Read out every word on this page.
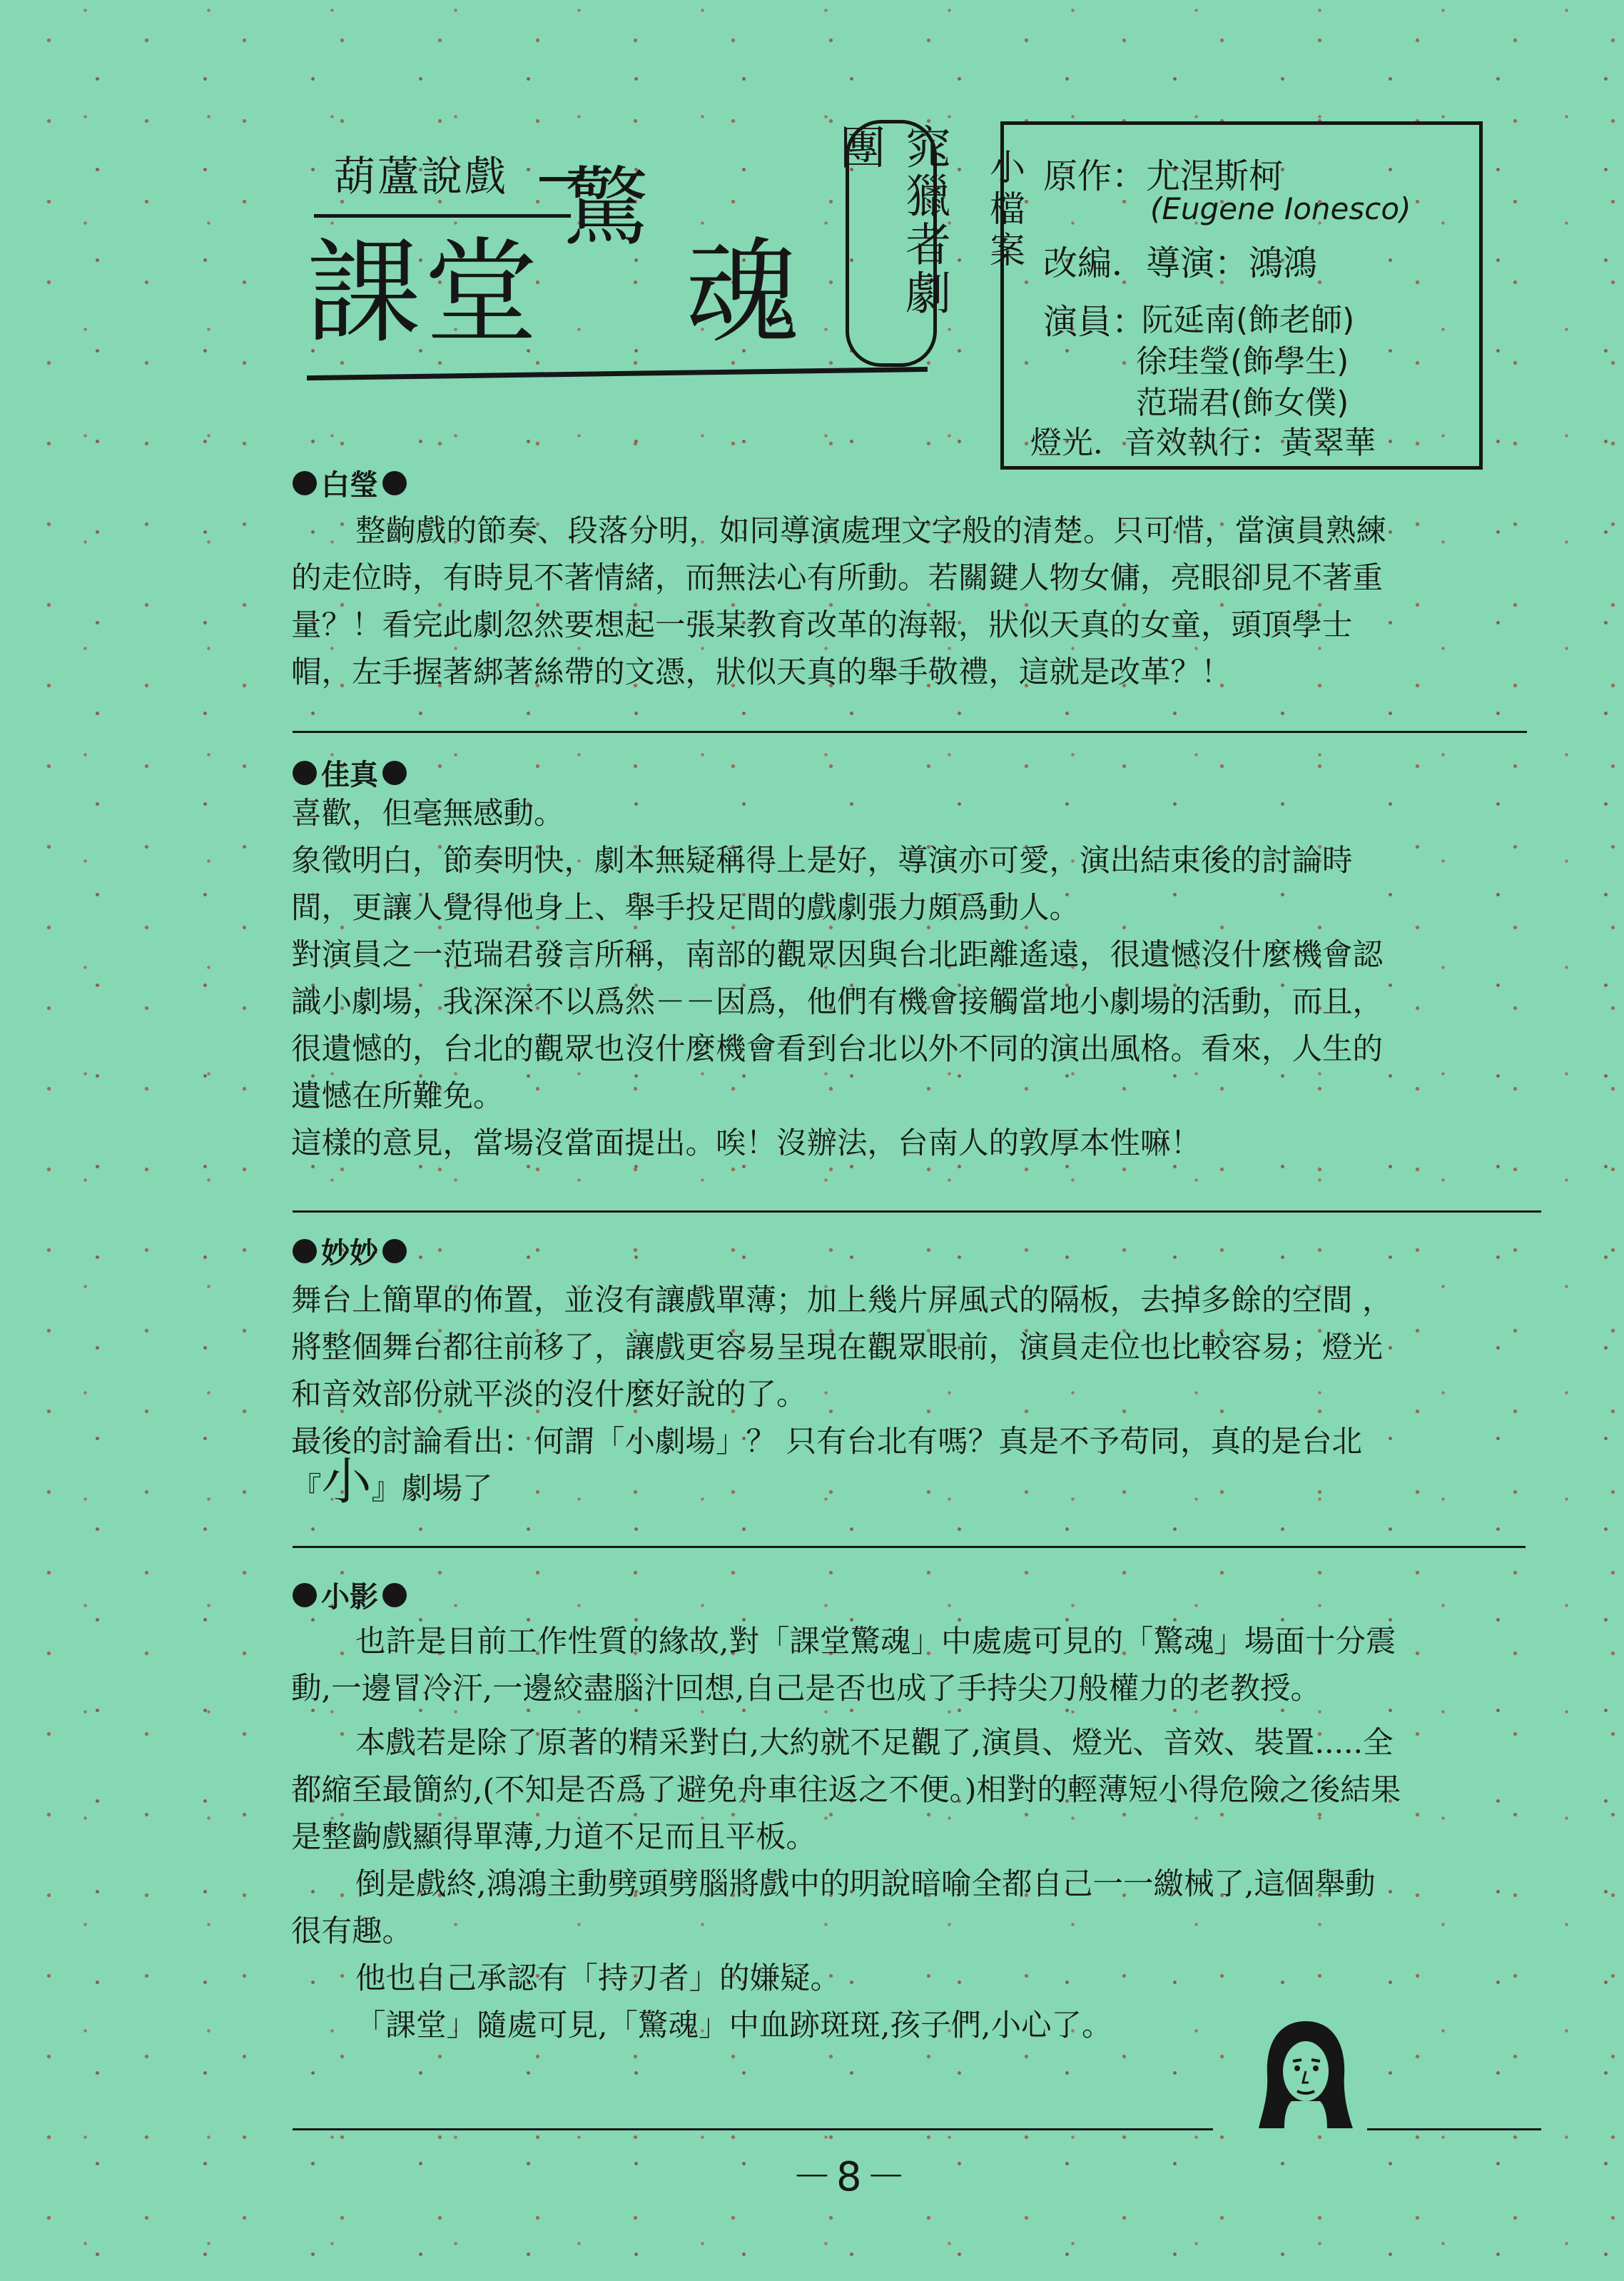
葫蘆說戲
課堂
驚
魂	窕獵者劇團
小檔案 原作：尤涅斯柯
(Eugene Ionesco)
改編．導演：鴻鴻
演員：
阮延南(飾老師)
徐珪瑩(飾學生)
范瑞君(飾女僕)
燈光．音效執行：黃翠華
白瑩

整齣戲的節奏、段落分明，如同導演處理文字般的清楚。只可惜，當演員熟練的走位時，有時見不著情緒，而無法心有所動。若關鍵人物女傭，亮眼卻見不著重量？！看完此劇忽然要想起一張某教育改革的海報，狀似天真的女童，頭頂學士帽，左手握著綁著絲帶的文憑，狀似天真的舉手敬禮，這就是改革？！

佳真

喜歡，但毫無感動。

象徵明白，節奏明快，劇本無疑稱得上是好，導演亦可愛，演出結束後的討論時間，更讓人覺得他身上、舉手投足間的戲劇張力頗爲動人。

對演員之一范瑞君發言所稱，南部的觀眾因與台北距離遙遠，很遺憾沒什麼機會認識小劇場，我深深不以爲然－－因爲，他們有機會接觸當地小劇場的活動，而且，很遺憾的，台北的觀眾也沒什麼機會看到台北以外不同的演出風格。看來，人生的遺憾在所難免。

這樣的意見，當場沒當面提出。唉！沒辦法，台南人的敦厚本性嘛！

妙妙

舞台上簡單的佈置，並沒有讓戲單薄；加上幾片屏風式的隔板，去掉多餘的空間 ，將整個舞台都往前移了，讓戲更容易呈現在觀眾眼前，演員走位也比較容易；燈光和音效部份就平淡的沒什麼好說的了。

最後的討論看出：何謂「小劇場」？ 只有台北有嗎？真是不予苟同，真的是台北『小』劇場了

小影

也許是目前工作性質的緣故,對「課堂驚魂」中處處可見的「驚魂」場面十分震動,一邊冒冷汗,一邊絞盡腦汁回想,自己是否也成了手持尖刀般權力的老教授。

本戲若是除了原著的精采對白,大約就不足觀了,演員、燈光、音效、裝置.....全都縮至最簡約,(不知是否爲了避免舟車往返之不便。)相對的輕薄短小得危險之後結果是整齣戲顯得單薄,力道不足而且平板。

倒是戲終,鴻鴻主動劈頭劈腦將戲中的明說暗喻全都自己一一繳械了,這個舉動很有趣。

他也自己承認有「持刀者」的嫌疑。

「課堂」隨處可見,「驚魂」中血跡斑斑,孩子們,小心了。

－8－
